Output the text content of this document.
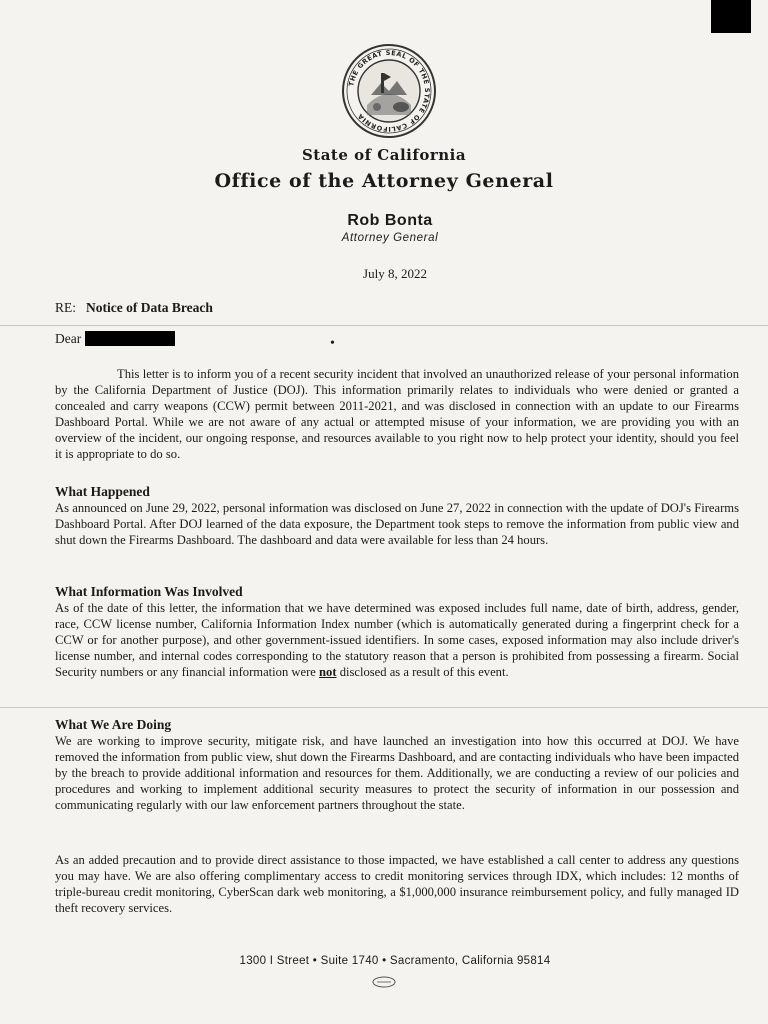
THE GREAT SEAL OF THE STATE OF CALIFORNIA
State of California
Office of the Attorney General
Rob Bonta
Attorney General
July 8, 2022
RE: Notice of Data Breach
Dear	•
This letter is to inform you of a recent security incident that involved an unauthorized release of your personal information by the California Department of Justice (DOJ). This information primarily relates to individuals who were denied or granted a concealed and carry weapons (CCW) permit between 2011-2021, and was disclosed in connection with an update to our Firearms Dashboard Portal. While we are not aware of any actual or attempted misuse of your information, we are providing you with an overview of the incident, our ongoing response, and resources available to you right now to help protect your identity, should you feel it is appropriate to do so.
What Happened
As announced on June 29, 2022, personal information was disclosed on June 27, 2022 in connection with the update of DOJ's Firearms Dashboard Portal. After DOJ learned of the data exposure, the Department took steps to remove the information from public view and shut down the Firearms Dashboard. The dashboard and data were available for less than 24 hours.
What Information Was Involved
As of the date of this letter, the information that we have determined was exposed includes full name, date of birth, address, gender, race, CCW license number, California Information Index number (which is automatically generated during a fingerprint check for a CCW or for another purpose), and other government-issued identifiers. In some cases, exposed information may also include driver's license number, and internal codes corresponding to the statutory reason that a person is prohibited from possessing a firearm. Social Security numbers or any financial information were not disclosed as a result of this event.
What We Are Doing
We are working to improve security, mitigate risk, and have launched an investigation into how this occurred at DOJ. We have removed the information from public view, shut down the Firearms Dashboard, and are contacting individuals who have been impacted by the breach to provide additional information and resources for them. Additionally, we are conducting a review of our policies and procedures and working to implement additional security measures to protect the security of information in our possession and communicating regularly with our law enforcement partners throughout the state.
As an added precaution and to provide direct assistance to those impacted, we have established a call center to address any questions you may have. We are also offering complimentary access to credit monitoring services through IDX, which includes: 12 months of triple-bureau credit monitoring, CyberScan dark web monitoring, a $1,000,000 insurance reimbursement policy, and fully managed ID theft recovery services.
1300 I Street • Suite 1740 • Sacramento, California 95814
